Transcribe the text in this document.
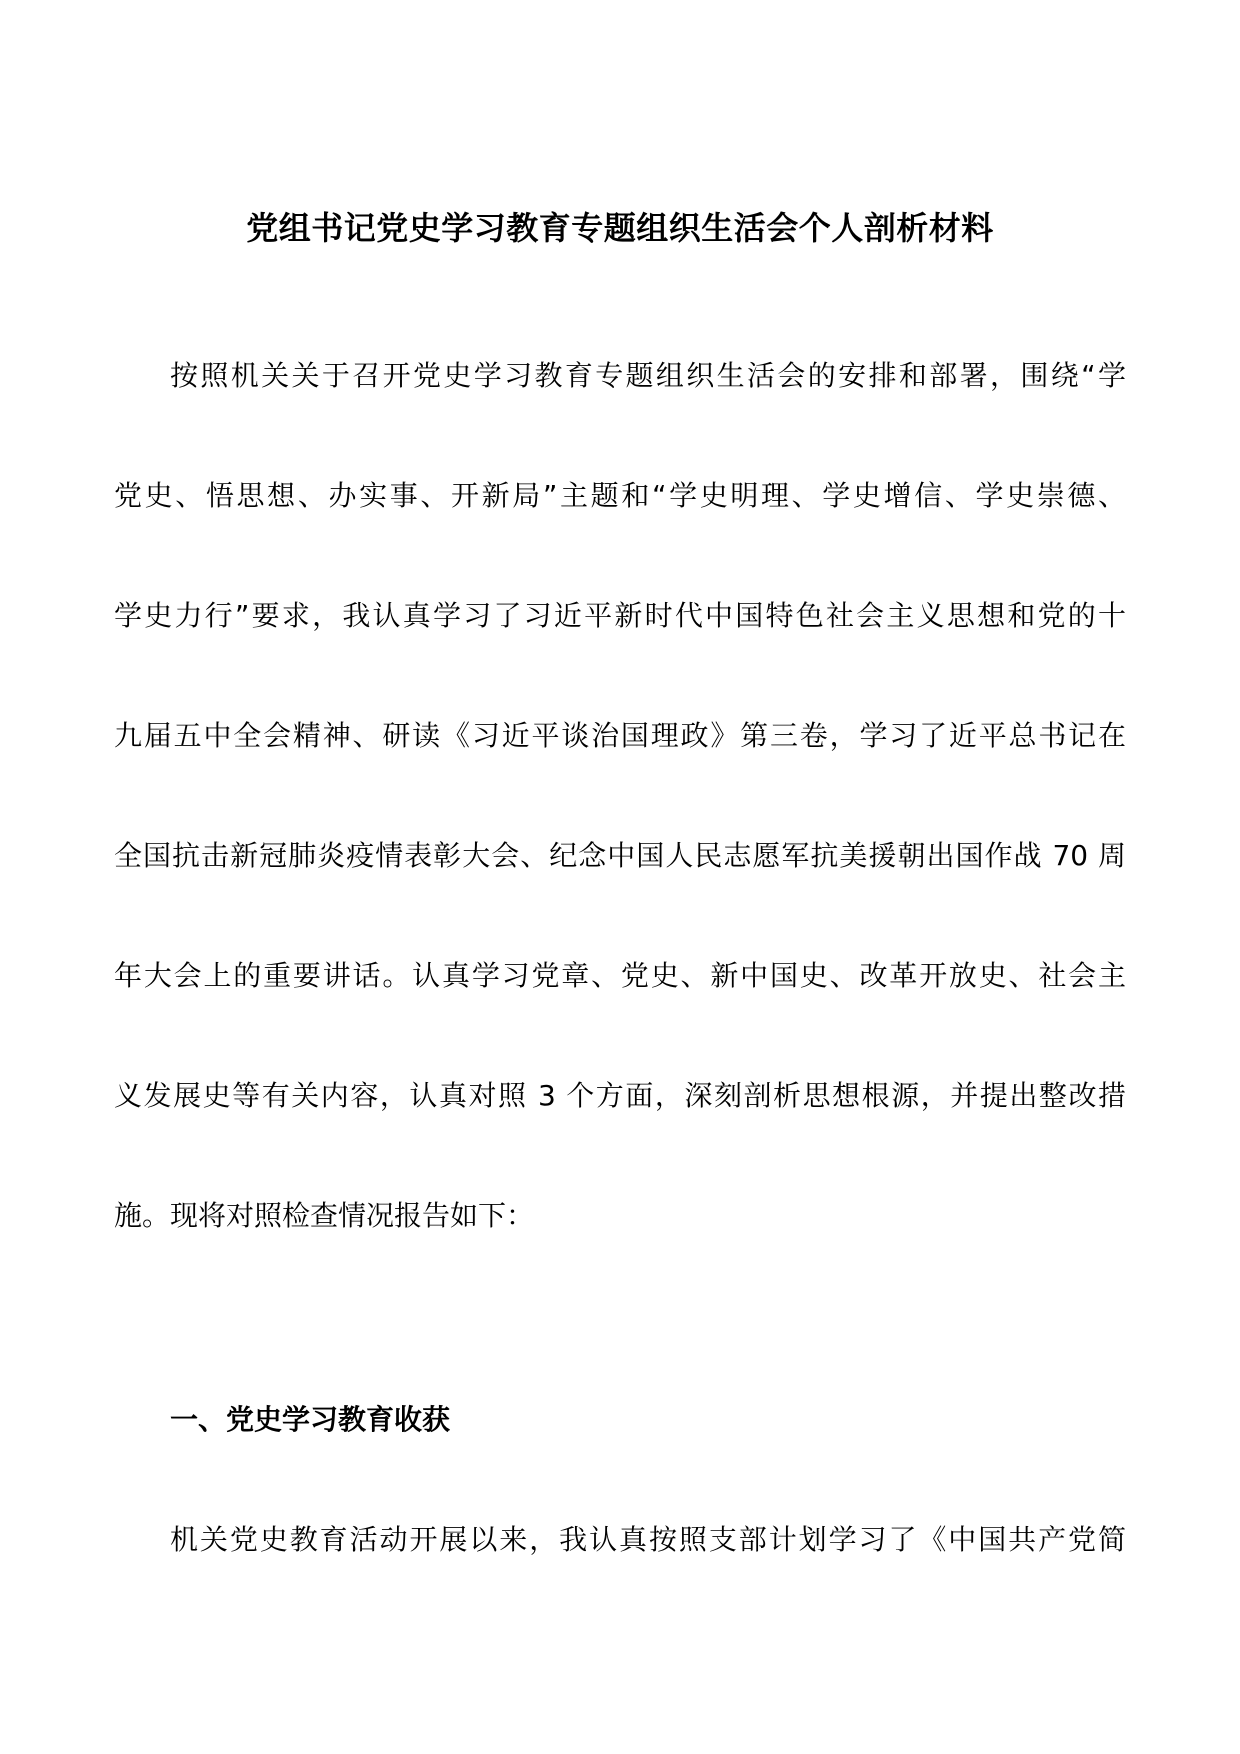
党组书记党史学习教育专题组织生活会个人剖析材料
按照机关关于召开党史学习教育专题组织生活会的安排和部署，围绕“学
党史、悟思想、办实事、开新局”主题和“学史明理、学史增信、学史崇德、
学史力行”要求，我认真学习了习近平新时代中国特色社会主义思想和党的十
九届五中全会精神、研读《习近平谈治国理政》第三卷，学习了近平总书记在
全国抗击新冠肺炎疫情表彰大会、纪念中国人民志愿军抗美援朝出国作战 70 周
年大会上的重要讲话。认真学习党章、党史、新中国史、改革开放史、社会主
义发展史等有关内容，认真对照 3 个方面，深刻剖析思想根源，并提出整改措
施。现将对照检查情况报告如下：
一、党史学习教育收获
机关党史教育活动开展以来，我认真按照支部计划学习了《中国共产党简
